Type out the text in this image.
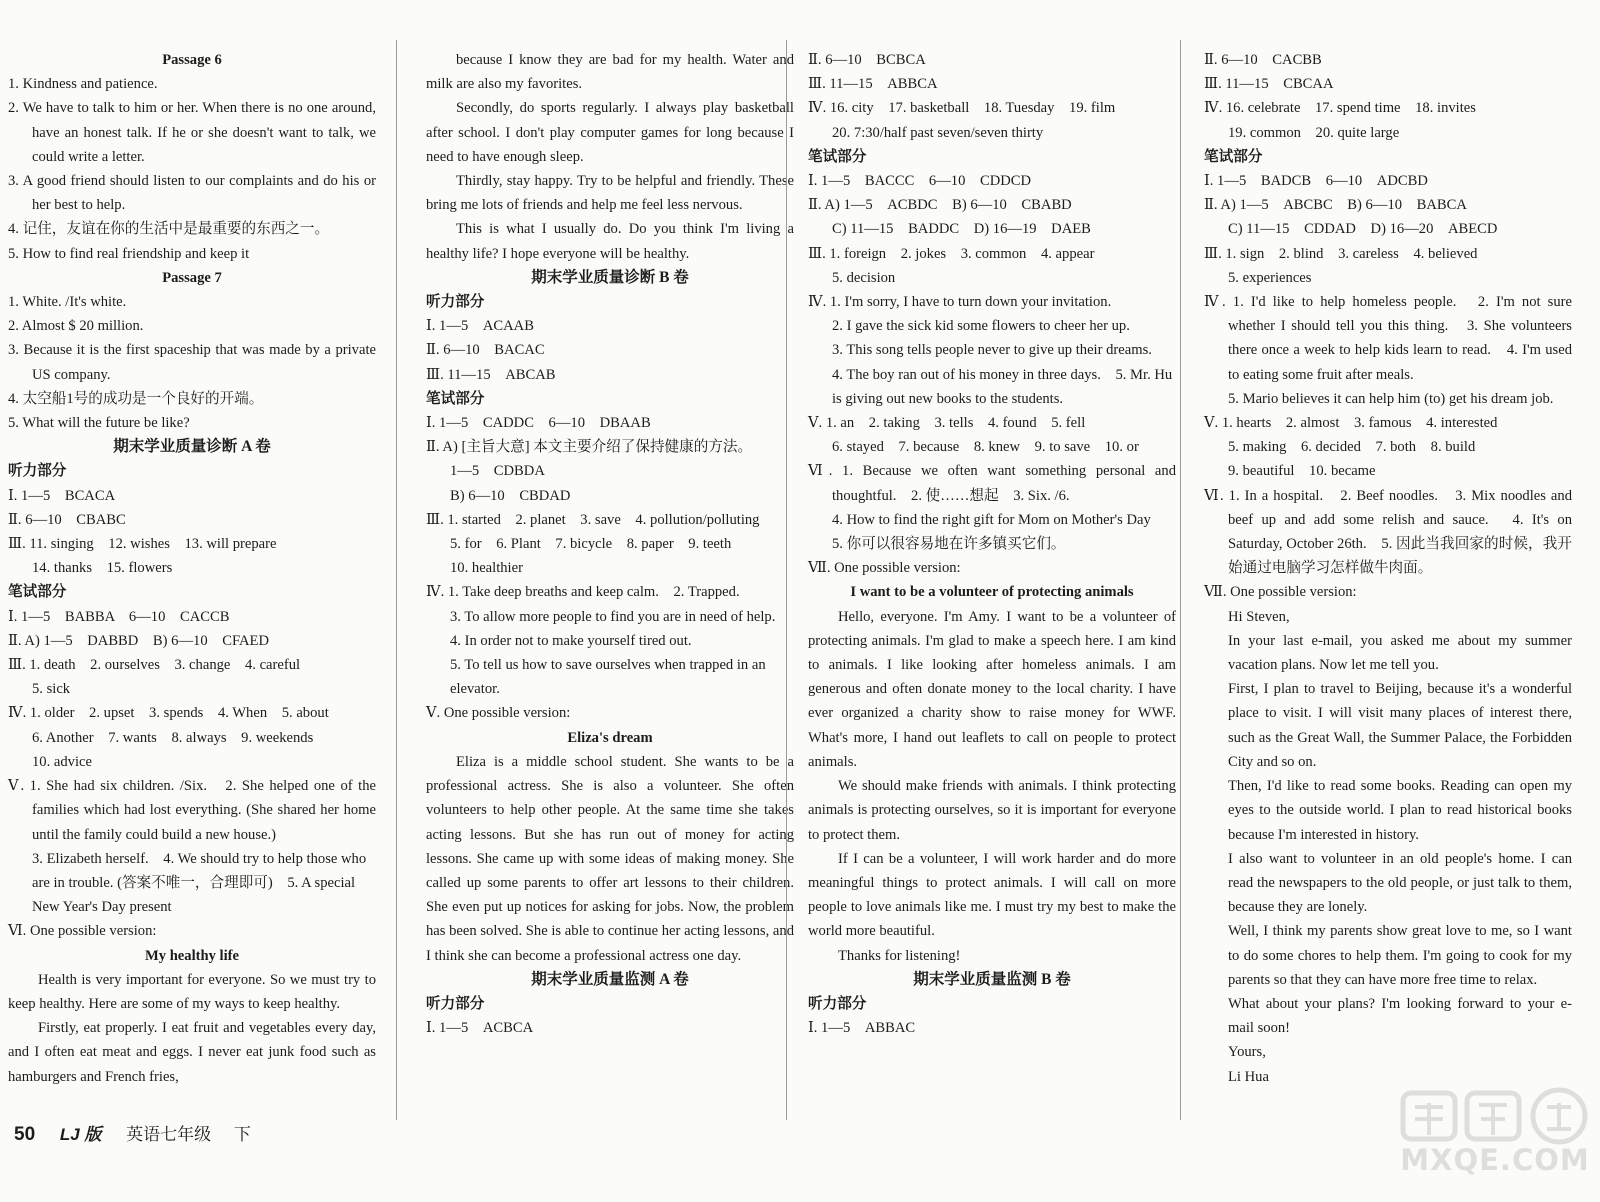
Passage 6
1. Kindness and patience.
2. We have to talk to him or her. When there is no one around, have an honest talk. If he or she doesn't want to talk, we could write a letter.
3. A good friend should listen to our complaints and do his or her best to help.
4. 记住，友谊在你的生活中是最重要的东西之一。
5. How to find real friendship and keep it
Passage 7
1. White. /It's white.
2. Almost $ 20 million.
3. Because it is the first spaceship that was made by a private US company.
4. 太空船1号的成功是一个良好的开端。
5. What will the future be like?
期末学业质量诊断 A 卷
听力部分
Ⅰ. 1—5　BCACA
Ⅱ. 6—10　CBABC
Ⅲ. 11. singing　12. wishes　13. will prepare
14. thanks　15. flowers
笔试部分
Ⅰ. 1—5　BABBA　6—10　CACCB
Ⅱ. A) 1—5　DABBD　B) 6—10　CFAED
Ⅲ. 1. death　2. ourselves　3. change　4. careful
5. sick
Ⅳ. 1. older　2. upset　3. spends　4. When　5. about
6. Another　7. wants　8. always　9. weekends
10. advice
Ⅴ. 1. She had six children. /Six.　2. She helped one of the families which had lost everything. (She shared her home until the family could build a new house.)
3. Elizabeth herself.　4. We should try to help those who are in trouble. (答案不唯一，合理即可)　5. A special New Year's Day present
Ⅵ. One possible version:
My healthy life
Health is very important for everyone. So we must try to keep healthy. Here are some of my ways to keep healthy.
Firstly, eat properly. I eat fruit and vegetables every day, and I often eat meat and eggs. I never eat junk food such as hamburgers and French fries,
because I know they are bad for my health. Water and milk are also my favorites.
Secondly, do sports regularly. I always play basketball after school. I don't play computer games for long because I need to have enough sleep.
Thirdly, stay happy. Try to be helpful and friendly. These bring me lots of friends and help me feel less nervous.
This is what I usually do. Do you think I'm living a healthy life? I hope everyone will be healthy.
期末学业质量诊断 B 卷
听力部分
Ⅰ. 1—5　ACAAB
Ⅱ. 6—10　BACAC
Ⅲ. 11—15　ABCAB
笔试部分
Ⅰ. 1—5　CADDC　6—10　DBAAB
Ⅱ. A) [主旨大意] 本文主要介绍了保持健康的方法。
1—5　CDBDA
B) 6—10　CBDAD
Ⅲ. 1. started　2. planet　3. save　4. pollution/polluting
5. for　6. Plant　7. bicycle　8. paper　9. teeth
10. healthier
Ⅳ. 1. Take deep breaths and keep calm.　2. Trapped.
3. To allow more people to find you are in need of help.　4. In order not to make yourself tired out.
5. To tell us how to save ourselves when trapped in an elevator.
Ⅴ. One possible version:
Eliza's dream
Eliza is a middle school student. She wants to be a professional actress. She is also a volunteer. She often volunteers to help other people. At the same time she takes acting lessons. But she has run out of money for acting lessons. She came up with some ideas of making money. She called up some parents to offer art lessons to their children. She even put up notices for asking for jobs. Now, the problem has been solved. She is able to continue her acting lessons, and I think she can become a professional actress one day.
期末学业质量监测 A 卷
听力部分
Ⅰ. 1—5　ACBCA
Ⅱ. 6—10　BCBCA
Ⅲ. 11—15　ABBCA
Ⅳ. 16. city　17. basketball　18. Tuesday　19. film
20. 7:30/half past seven/seven thirty
笔试部分
Ⅰ. 1—5　BACCC　6—10　CDDCD
Ⅱ. A) 1—5　ACBDC　B) 6—10　CBABD
C) 11—15　BADDC　D) 16—19　DAEB
Ⅲ. 1. foreign　2. jokes　3. common　4. appear
5. decision
Ⅳ. 1. I'm sorry, I have to turn down your invitation.
2. I gave the sick kid some flowers to cheer her up.
3. This song tells people never to give up their dreams.　4. The boy ran out of his money in three days.　5. Mr. Hu is giving out new books to the students.
Ⅴ. 1. an　2. taking　3. tells　4. found　5. fell
6. stayed　7. because　8. knew　9. to save　10. or
Ⅵ. 1. Because we often want something personal and thoughtful.　2. 使……想起　3. Six. /6.
4. How to find the right gift for Mom on Mother's Day　5. 你可以很容易地在许多镇买它们。
Ⅶ. One possible version:
I want to be a volunteer of protecting animals
Hello, everyone. I'm Amy. I want to be a volunteer of protecting animals. I'm glad to make a speech here. I am kind to animals. I like looking after homeless animals. I am generous and often donate money to the local charity. I have ever organized a charity show to raise money for WWF. What's more, I hand out leaflets to call on people to protect animals.
We should make friends with animals. I think protecting animals is protecting ourselves, so it is important for everyone to protect them.
If I can be a volunteer, I will work harder and do more meaningful things to protect animals. I will call on more people to love animals like me. I must try my best to make the world more beautiful.
Thanks for listening!
期末学业质量监测 B 卷
听力部分
Ⅰ. 1—5　ABBAC
Ⅱ. 6—10　CACBB
Ⅲ. 11—15　CBCAA
Ⅳ. 16. celebrate　17. spend time　18. invites
19. common　20. quite large
笔试部分
Ⅰ. 1—5　BADCB　6—10　ADCBD
Ⅱ. A) 1—5　ABCBC　B) 6—10　BABCA
C) 11—15　CDDAD　D) 16—20　ABECD
Ⅲ. 1. sign　2. blind　3. careless　4. believed
5. experiences
Ⅳ. 1. I'd like to help homeless people.　2. I'm not sure whether I should tell you this thing.　3. She volunteers there once a week to help kids learn to read.　4. I'm used to eating some fruit after meals.
5. Mario believes it can help him (to) get his dream job.
Ⅴ. 1. hearts　2. almost　3. famous　4. interested
5. making　6. decided　7. both　8. build
9. beautiful　10. became
Ⅵ. 1. In a hospital.　2. Beef noodles.　3. Mix noodles and beef up and add some relish and sauce.　4. It's on Saturday, October 26th.　5. 因此当我回家的时候，我开始通过电脑学习怎样做牛肉面。
Ⅶ. One possible version:
Hi Steven,
In your last e-mail, you asked me about my summer vacation plans. Now let me tell you.
First, I plan to travel to Beijing, because it's a wonderful place to visit. I will visit many places of interest there, such as the Great Wall, the Summer Palace, the Forbidden City and so on.
Then, I'd like to read some books. Reading can open my eyes to the outside world. I plan to read historical books because I'm interested in history.
I also want to volunteer in an old people's home. I can read the newspapers to the old people, or just talk to them, because they are lonely.
Well, I think my parents show great love to me, so I want to do some chores to help them. I'm going to cook for my parents so that they can have more free time to relax.
What about your plans? I'm looking forward to your e-mail soon!
Yours,
Li Hua
50 LJ 版 英语七年级 下
MXQE.COM
